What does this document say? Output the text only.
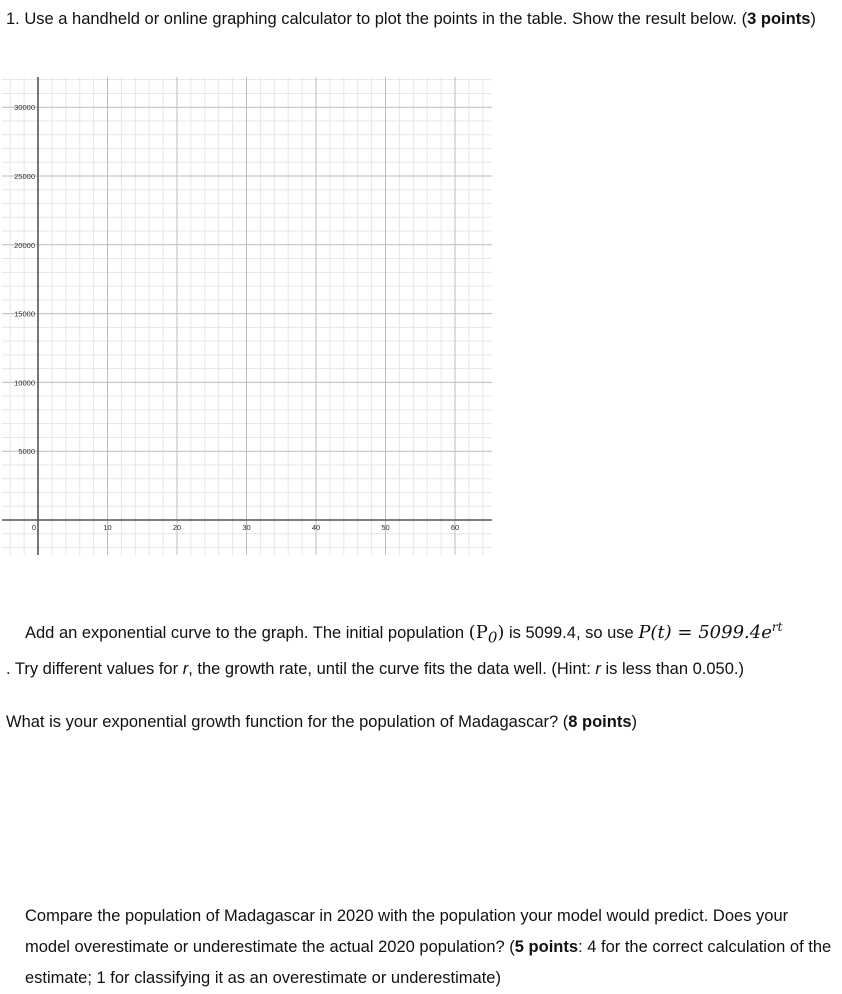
1. Use a handheld or online graphing calculator to plot the points in the table. Show the result below. (3 points)
0	10	20	30	40	50	60
5000
10000
15000
20000
25000
30000
Add an exponential curve to the graph. The initial population $(P_0)$ is 5099.4, so use $P(t) = 5099.4e^{rt}$
. Try different values for r, the growth rate, until the curve fits the data well. (Hint: r is less than 0.050.)
What is your exponential growth function for the population of Madagascar? (8 points)
Compare the population of Madagascar in 2020 with the population your model would predict. Does your model overestimate or underestimate the actual 2020 population? (5 points: 4 for the correct calculation of the estimate; 1 for classifying it as an overestimate or underestimate)
